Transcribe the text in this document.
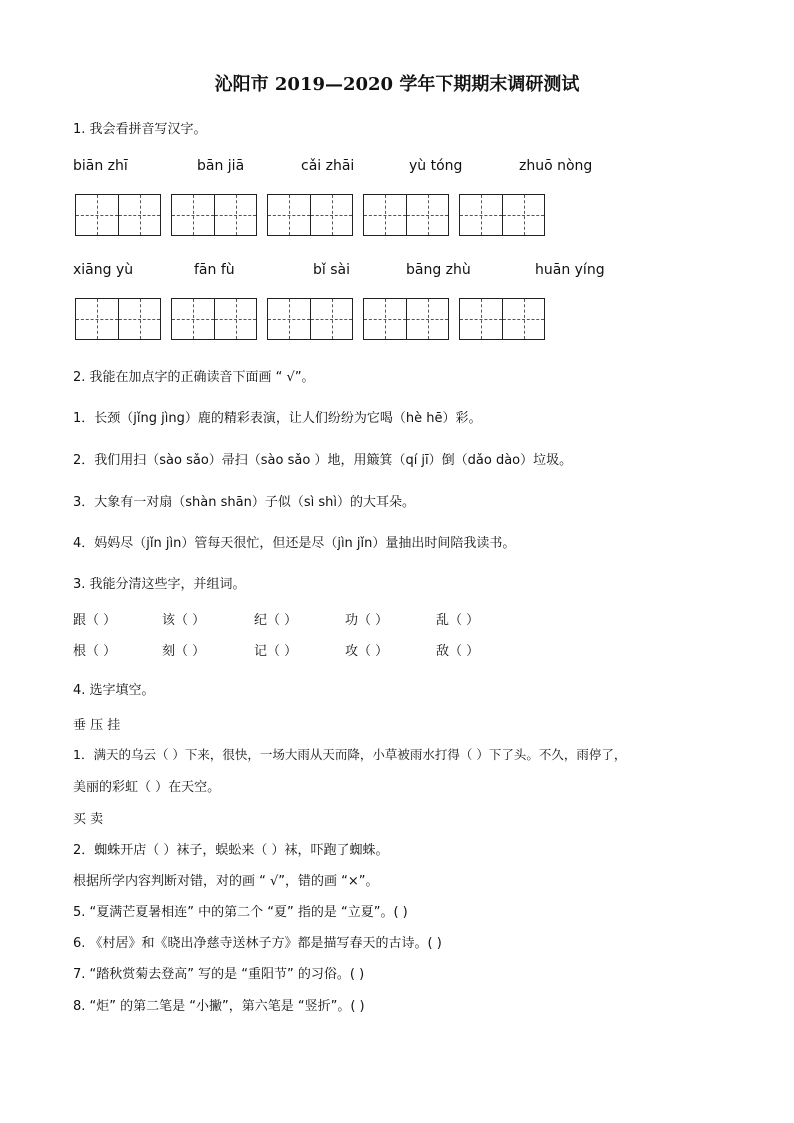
沁阳市 2019—2020 学年下期期末调研测试
1. 我会看拼音写汉字。
biān zhī	bān jiā	cǎi zhāi	yù tóng	zhuō nòng
xiāng yù	fān fù	bǐ sài	bāng zhù	huān yíng
2. 我能在加点字的正确读音下面画 “ √”。
1．长颈（jǐng jìng）鹿的精彩表演，让人们纷纷为它喝（hè hē）彩。
2．我们用扫（sào sǎo）帚扫（sào sǎo ）地，用簸箕（qí jī）倒（dǎo dào）垃圾。
3．大象有一对扇（shàn shān）子似（sì shì）的大耳朵。
4．妈妈尽（jǐn jìn）管每天很忙，但还是尽（jìn jǐn）量抽出时间陪我读书。
3. 我能分清这些字，并组词。
跟（ ）	该（ ）	纪（ ）	功（ ）	乱（ ）
根（ ）	刻（ ）	记（ ）	攻（ ）	敌（ ）
4. 选字填空。
垂 压 挂
1．满天的乌云（ ）下来，很快，一场大雨从天而降，小草被雨水打得（ ）下了头。不久，雨停了，
美丽的彩虹（ ）在天空。
买 卖
2．蜘蛛开店（ ）袜子，蜈蚣来（ ）袜，吓跑了蜘蛛。
根据所学内容判断对错，对的画 “ √”，错的画 “×”。
5. “夏满芒夏暑相连” 中的第二个 “夏” 指的是 “立夏”。( )
6. 《村居》和《晓出净慈寺送林子方》都是描写春天的古诗。( )
7. “踏秋赏菊去登高” 写的是 “重阳节” 的习俗。( )
8. “炬” 的第二笔是 “小撇”，第六笔是 “竖折”。( )
